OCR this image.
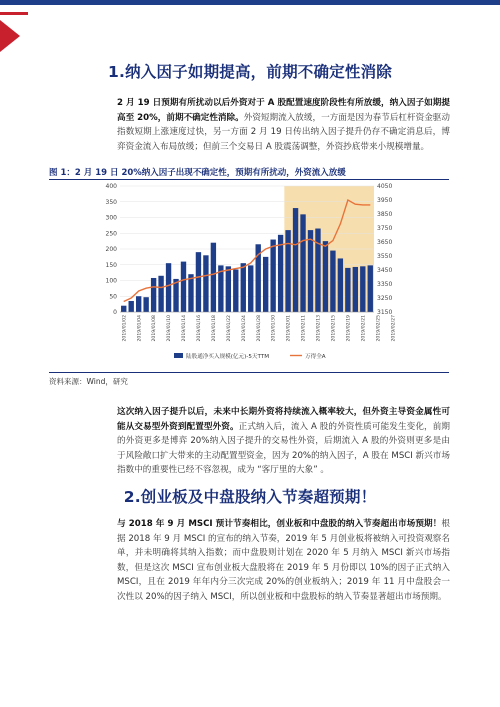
1.纳入因子如期提高，前期不确定性消除
2 月 19 日预期有所扰动以后外资对于 A 股配置速度阶段性有所放缓，纳入因子如期提高至 20%，前期不确定性消除。外资短期流入放缓，一方面是因为春节后杠杆资金驱动指数短期上涨速度过快，另一方面 2 月 19 日传出纳入因子提升仍存不确定消息后，博弈资金流入布局放缓；但前三个交易日 A 股震荡调整，外资抄底带来小规模增量。
图 1：2 月 19 日 20%纳入因子出现不确定性，预期有所扰动，外资流入放缓
0
50
100
150
200
250
300
350
400
3150
3250
3350
3450
3550
3650
3750
3850
3950
4050
2019/01/02 2019/01/04 2019/01/08 2019/01/10 2019/01/14 2019/01/16 2019/01/18 2019/01/22 2019/01/24 2019/01/28 2019/01/30 2019/02/01 2019/02/11 2019/02/13 2019/02/15 2019/02/19 2019/02/21 2019/02/25 2019/02/27
陆股通净买入规模(亿元)-5天TTM	万得全A
资料来源：Wind，研究
这次纳入因子提升以后，未来中长期外资将持续流入概率较大，但外资主导资金属性可能从交易型外资到配置型外资。正式纳入后，流入 A 股的外资性质可能发生变化，前期的外资更多是博弈 20%纳入因子提升的交易性外资，后期流入 A 股的外资则更多是由于风险敞口扩大带来的主动配置型资金，因为 20%的纳入因子，A 股在 MSCI 新兴市场指数中的重要性已经不容忽视，成为 “客厅里的大象” 。
2.创业板及中盘股纳入节奏超预期！
与 2018 年 9 月 MSCI 预计节奏相比，创业板和中盘股的纳入节奏超出市场预期！根据 2018 年 9 月 MSCI 的宣布的纳入节奏，2019 年 5 月创业板将被纳入可投资观察名单，并未明确将其纳入指数；而中盘股则计划在 2020 年 5 月纳入 MSCI 新兴市场指数，但是这次 MSCI 宣布创业板大盘股将在 2019 年 5 月份即以 10%的因子正式纳入 MSCI，且在 2019 年年内分三次完成 20%的创业板纳入；2019 年 11 月中盘股会一次性以 20%的因子纳入 MSCI，所以创业板和中盘股标的纳入节奏显著超出市场预期。
